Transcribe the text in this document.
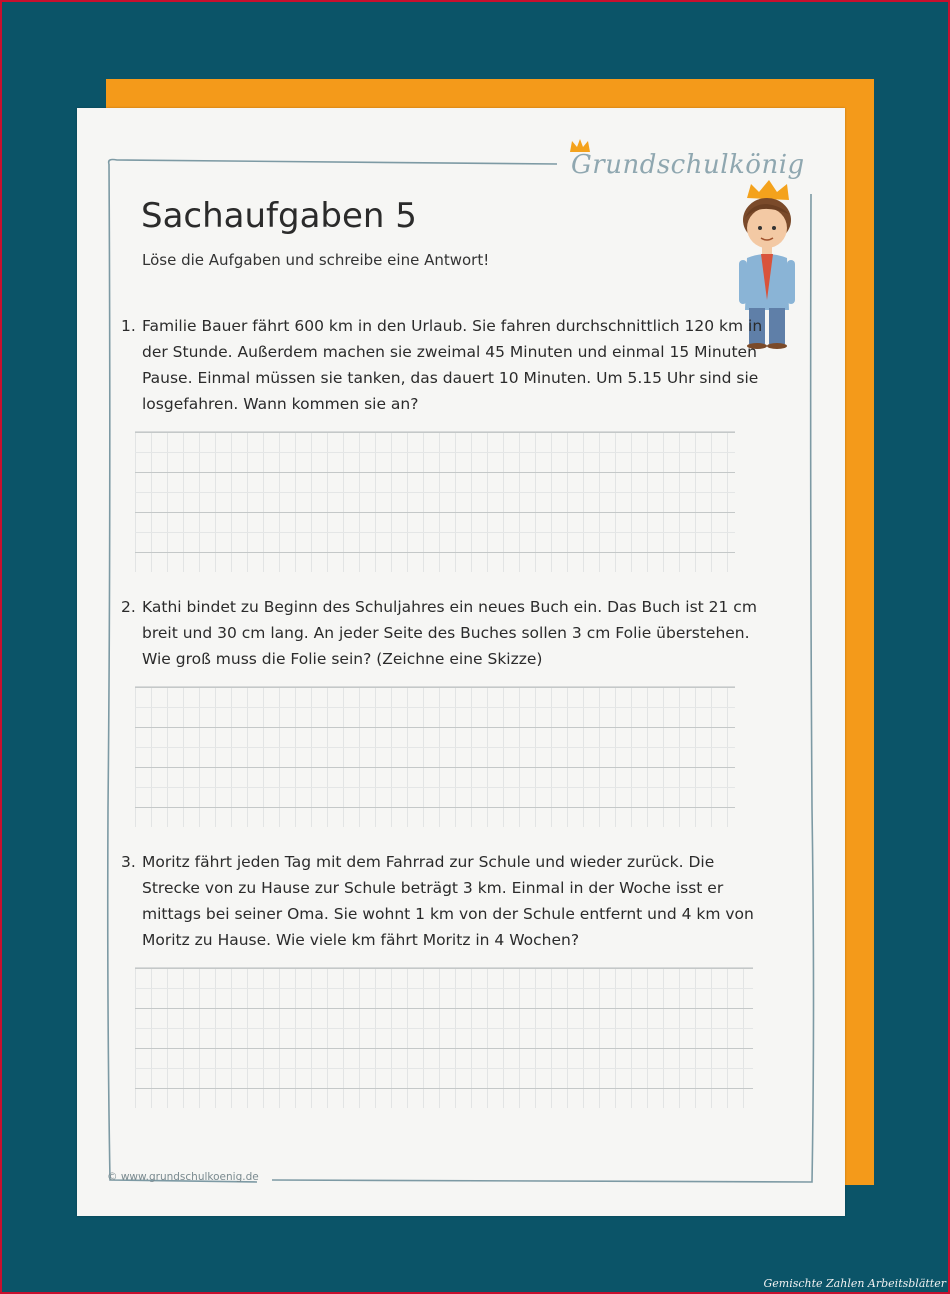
Grundschulkönig
Sachaufgaben 5
Löse die Aufgaben und schreibe eine Antwort!
1. Familie Bauer fährt 600 km in den Urlaub. Sie fahren durchschnittlich 120 km in der Stunde. Außerdem machen sie zweimal 45 Minuten und einmal 15 Minuten Pause. Einmal müssen sie tanken, das dauert 10 Minuten. Um 5.15 Uhr sind sie losgefahren. Wann kommen sie an?
2. Kathi bindet zu Beginn des Schuljahres ein neues Buch ein. Das Buch ist 21 cm breit und 30 cm lang. An jeder Seite des Buches sollen 3 cm Folie überstehen. Wie groß muss die Folie sein? (Zeichne eine Skizze)
3. Moritz fährt jeden Tag mit dem Fahrrad zur Schule und wieder zurück. Die Strecke von zu Hause zur Schule beträgt 3 km. Einmal in der Woche isst er mittags bei seiner Oma. Sie wohnt 1 km von der Schule entfernt und 4 km von Moritz zu Hause. Wie viele km fährt Moritz in 4 Wochen?
© www.grundschulkoenig.de
Gemischte Zahlen Arbeitsblätter
